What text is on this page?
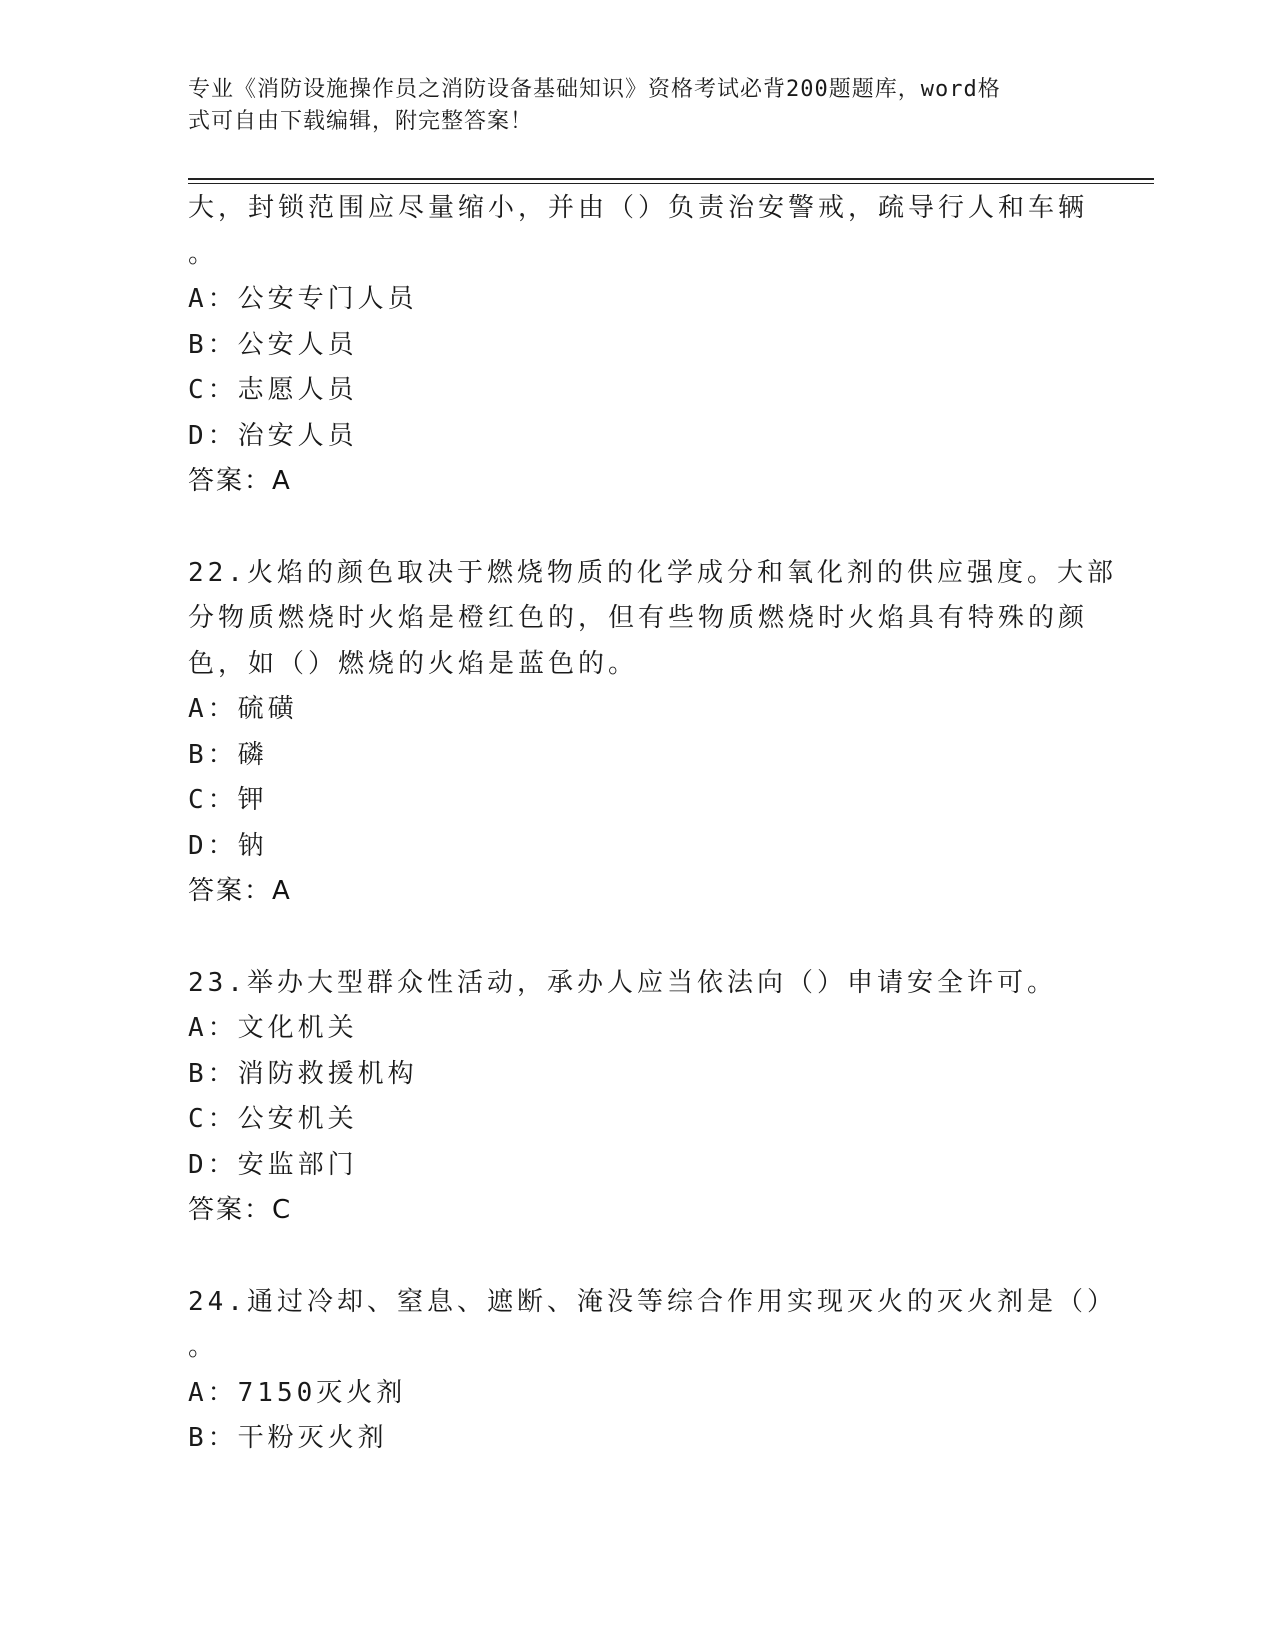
专业《消防设施操作员之消防设备基础知识》资格考试必背200题题库，word格
式可自由下载编辑，附完整答案！
大，封锁范围应尽量缩小，并由（）负责治安警戒，疏导行人和车辆
。
A：公安专门人员
B：公安人员
C：志愿人员
D：治安人员
答案：A
22.火焰的颜色取决于燃烧物质的化学成分和氧化剂的供应强度。大部
分物质燃烧时火焰是橙红色的，但有些物质燃烧时火焰具有特殊的颜
色，如（）燃烧的火焰是蓝色的。
A：硫磺
B：磷
C：钾
D：钠
答案：A
23.举办大型群众性活动，承办人应当依法向（）申请安全许可。
A：文化机关
B：消防救援机构
C：公安机关
D：安监部门
答案：C
24.通过冷却、窒息、遮断、淹没等综合作用实现灭火的灭火剂是（）
。
A：7150灭火剂
B：干粉灭火剂
